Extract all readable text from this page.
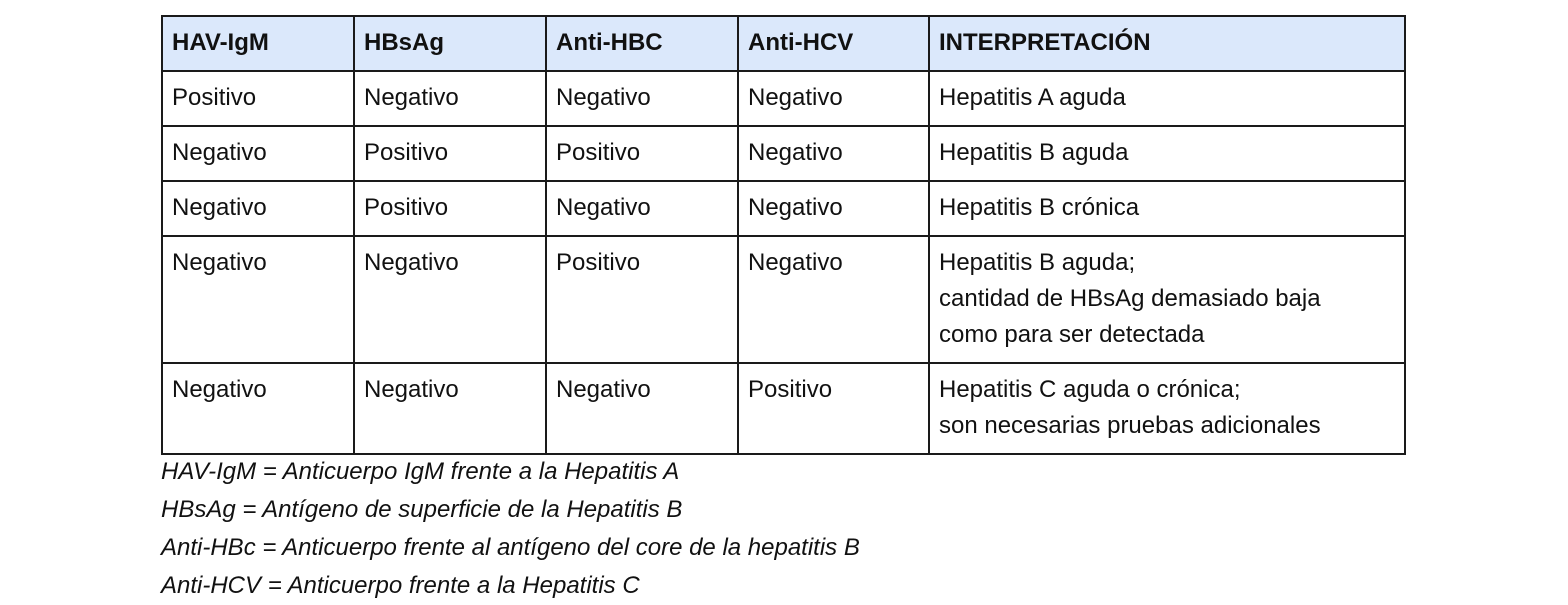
HAV-IgM	HBsAg	Anti-HBC	Anti-HCV	INTERPRETACIÓN
Positivo	Negativo	Negativo	Negativo	Hepatitis A aguda

Negativo	Positivo	Positivo	Negativo	Hepatitis B aguda

Negativo	Positivo	Negativo	Negativo	Hepatitis B crónica

Negativo	Negativo	Positivo	Negativo	Hepatitis B aguda;
cantidad de HBsAg demasiado baja
como para ser detectada

Negativo	Negativo	Negativo	Positivo	Hepatitis C aguda o crónica;
son necesarias pruebas adicionales
HAV-IgM = Anticuerpo IgM frente a la Hepatitis A
HBsAg = Antígeno de superficie de la Hepatitis B
Anti-HBc = Anticuerpo frente al antígeno del core de la hepatitis B
Anti-HCV = Anticuerpo frente a la Hepatitis C
